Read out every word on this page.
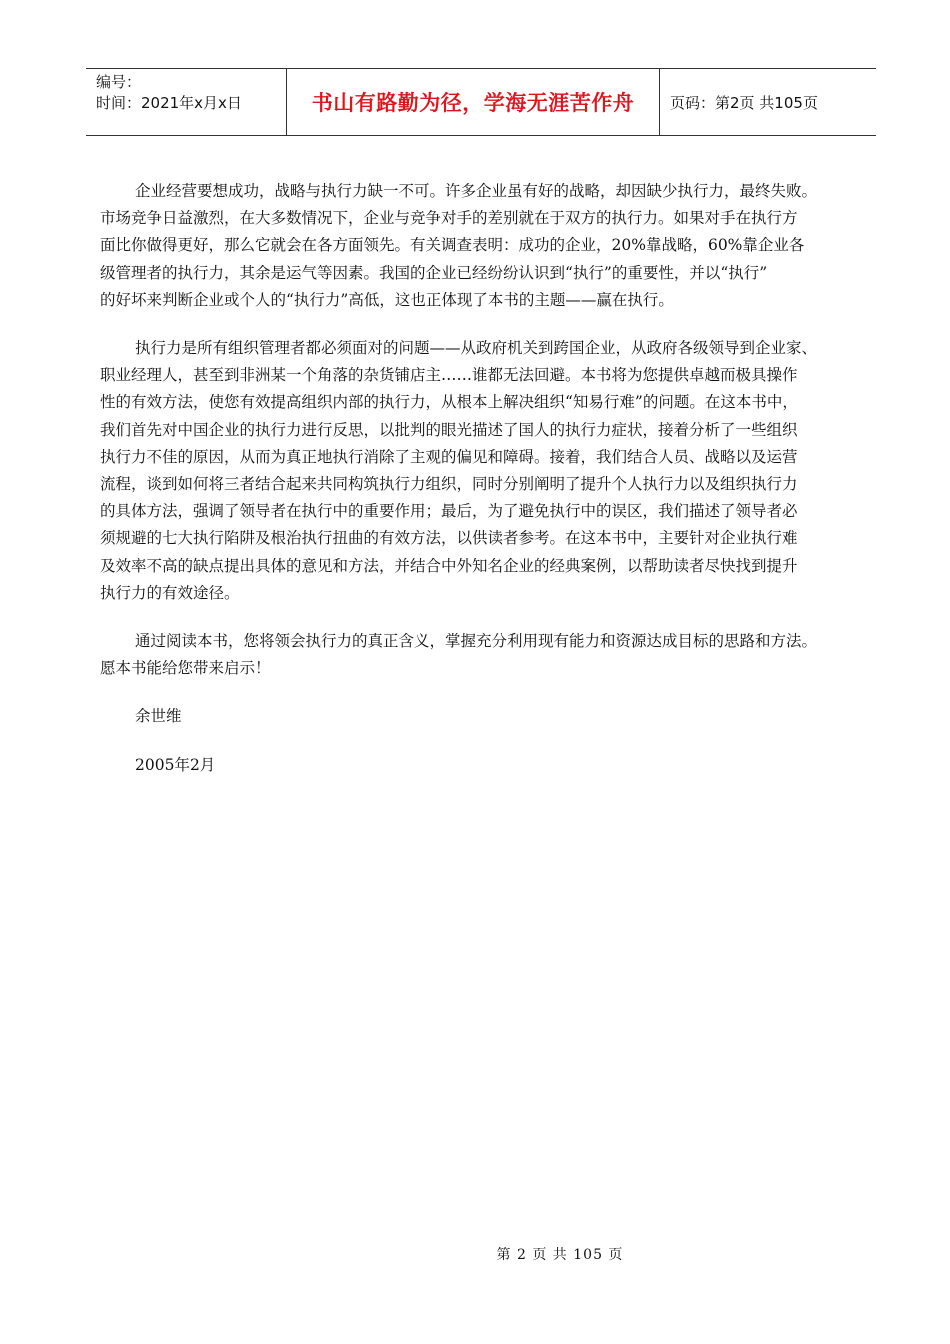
编号：
时间：2021年x月x日	书山有路勤为径，学海无涯苦作舟	页码：第2页 共105页

企业经营要想成功，战略与执行力缺一不可。许多企业虽有好的战略，却因缺少执行力，最终失败。
市场竞争日益激烈，在大多数情况下，企业与竞争对手的差别就在于双方的执行力。如果对手在执行方
面比你做得更好，那么它就会在各方面领先。有关调查表明：成功的企业，20%靠战略，60%靠企业各
级管理者的执行力，其余是运气等因素。我国的企业已经纷纷认识到“执行”的重要性，并以“执行”
的好坏来判断企业或个人的“执行力”高低，这也正体现了本书的主题——赢在执行。

执行力是所有组织管理者都必须面对的问题——从政府机关到跨国企业，从政府各级领导到企业家、
职业经理人，甚至到非洲某一个角落的杂货铺店主……谁都无法回避。本书将为您提供卓越而极具操作
性的有效方法，使您有效提高组织内部的执行力，从根本上解决组织“知易行难”的问题。在这本书中，
我们首先对中国企业的执行力进行反思，以批判的眼光描述了国人的执行力症状，接着分析了一些组织
执行力不佳的原因，从而为真正地执行消除了主观的偏见和障碍。接着，我们结合人员、战略以及运营
流程，谈到如何将三者结合起来共同构筑执行力组织，同时分别阐明了提升个人执行力以及组织执行力
的具体方法，强调了领导者在执行中的重要作用；最后，为了避免执行中的误区，我们描述了领导者必
须规避的七大执行陷阱及根治执行扭曲的有效方法，以供读者参考。在这本书中，主要针对企业执行难
及效率不高的缺点提出具体的意见和方法，并结合中外知名企业的经典案例，以帮助读者尽快找到提升
执行力的有效途径。

通过阅读本书，您将领会执行力的真正含义，掌握充分利用现有能力和资源达成目标的思路和方法。
愿本书能给您带来启示！

余世维

2005年2月

第 2 页 共 105 页
